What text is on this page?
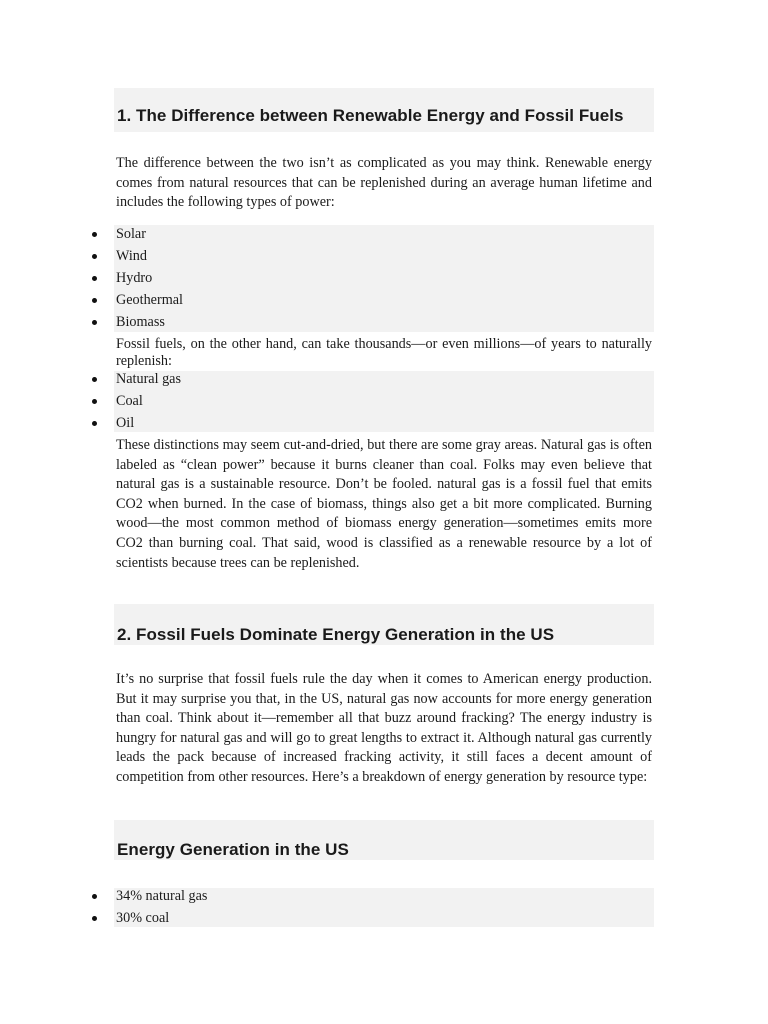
1. The Difference between Renewable Energy and Fossil Fuels

The difference between the two isn’t as complicated as you may think. Renewable energy comes from natural resources that can be replenished during an average human lifetime and includes the following types of power:

Solar
Wind
Hydro
Geothermal
Biomass

Fossil fuels, on the other hand, can take thousands—or even millions—of years to naturally replenish:

Natural gas
Coal
Oil

These distinctions may seem cut-and-dried, but there are some gray areas. Natural gas is often labeled as “clean power” because it burns cleaner than coal. Folks may even believe that natural gas is a sustainable resource. Don’t be fooled. natural gas is a fossil fuel that emits CO2 when burned. In the case of biomass, things also get a bit more complicated. Burning wood—the most common method of biomass energy generation—sometimes emits more CO2 than burning coal. That said, wood is classified as a renewable resource by a lot of scientists because trees can be replenished.

2. Fossil Fuels Dominate Energy Generation in the US

It’s no surprise that fossil fuels rule the day when it comes to American energy production. But it may surprise you that, in the US, natural gas now accounts for more energy generation than coal. Think about it—remember all that buzz around fracking? The energy industry is hungry for natural gas and will go to great lengths to extract it. Although natural gas currently leads the pack because of increased fracking activity, it still faces a decent amount of competition from other resources. Here’s a breakdown of energy generation by resource type:

Energy Generation in the US
34% natural gas
30% coal
